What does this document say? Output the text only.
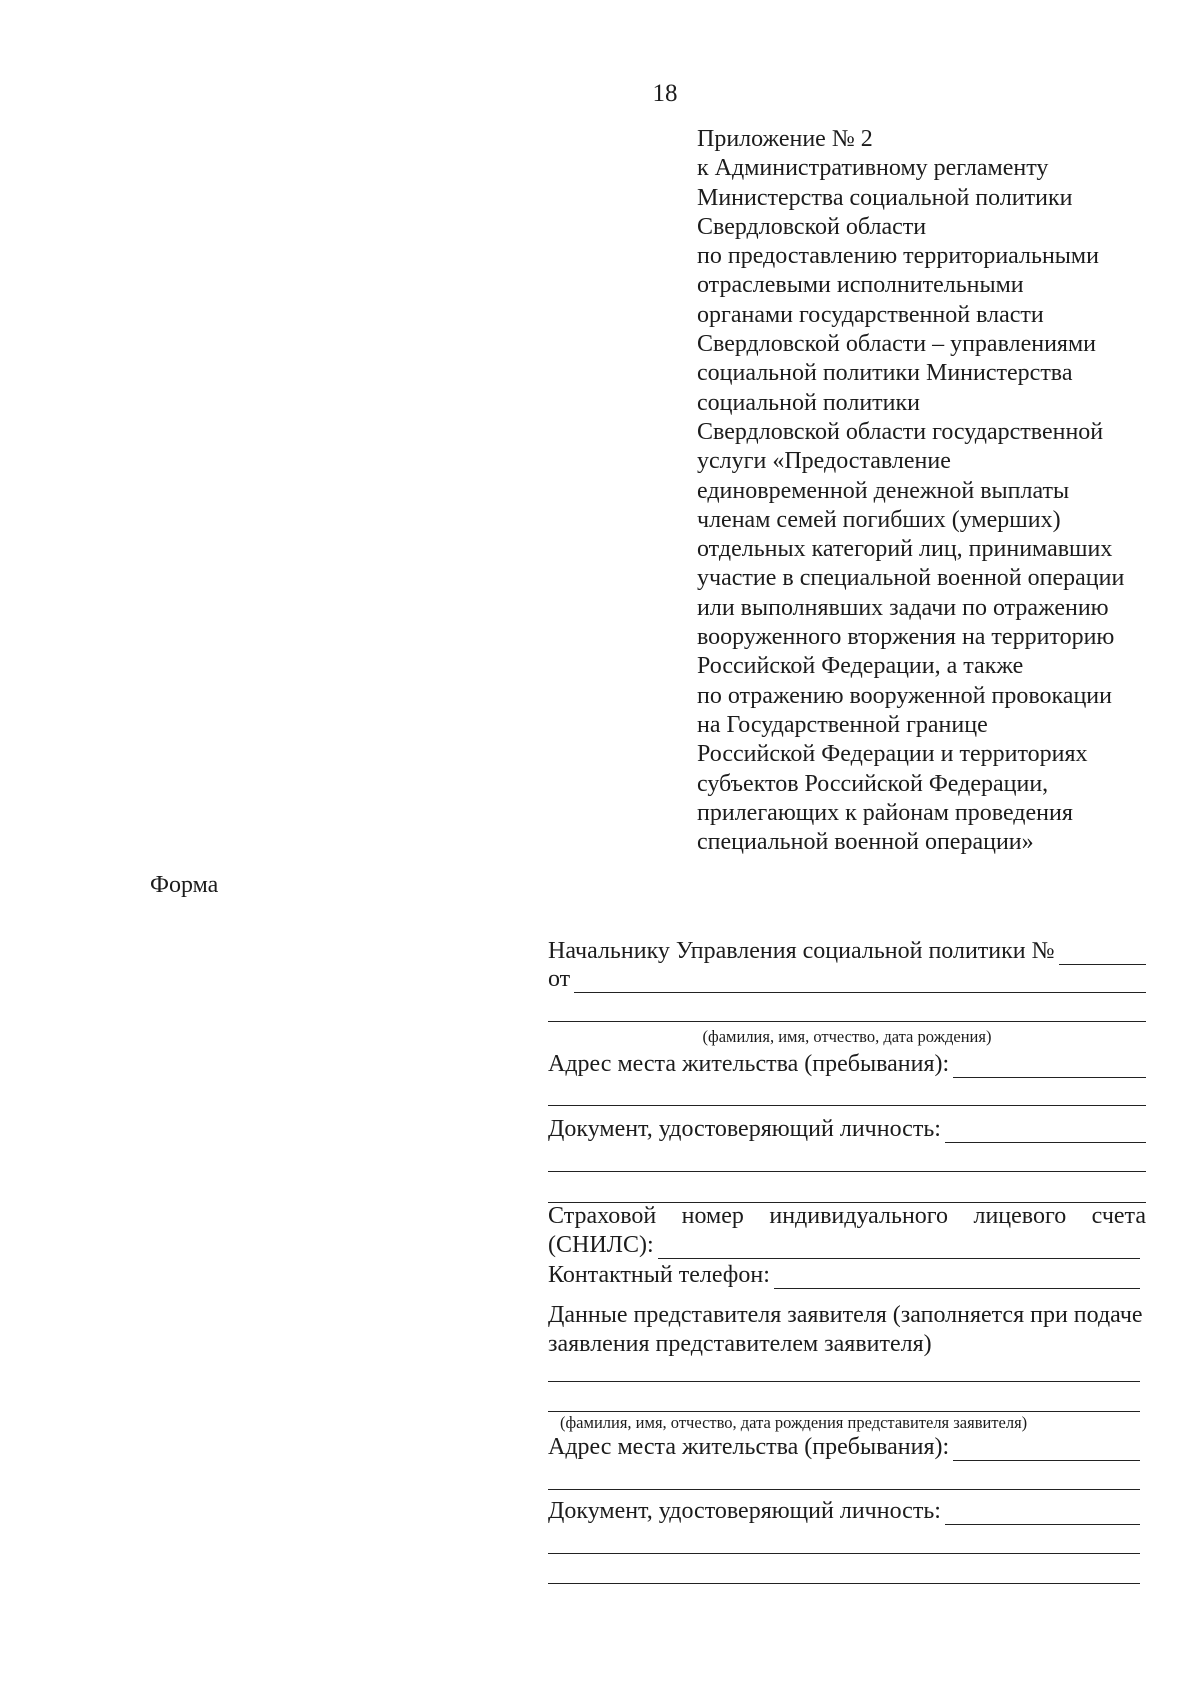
18
Приложение № 2
к Административному регламенту
Министерства социальной политики
Свердловской области
по предоставлению территориальными
отраслевыми исполнительными
органами государственной власти
Свердловской области – управлениями
социальной политики Министерства
социальной политики
Свердловской области государственной
услуги «Предоставление
единовременной денежной выплаты
членам семей погибших (умерших)
отдельных категорий лиц, принимавших
участие в специальной военной операции
или выполнявших задачи по отражению
вооруженного вторжения на территорию
Российской Федерации, а также
по отражению вооруженной провокации
на Государственной границе
Российской Федерации и территориях
субъектов Российской Федерации,
прилегающих к районам проведения
специальной военной операции»
Форма
Начальнику Управления социальной политики №
от
(фамилия, имя, отчество, дата рождения)
Адрес места жительства (пребывания):
Документ, удостоверяющий личность:
Страховой номер индивидуального лицевого счета
(СНИЛС):
Контактный телефон:
Данные представителя заявителя (заполняется при подаче
заявления представителем заявителя)
(фамилия, имя, отчество, дата рождения представителя заявителя)
Адрес места жительства (пребывания):
Документ, удостоверяющий личность:
